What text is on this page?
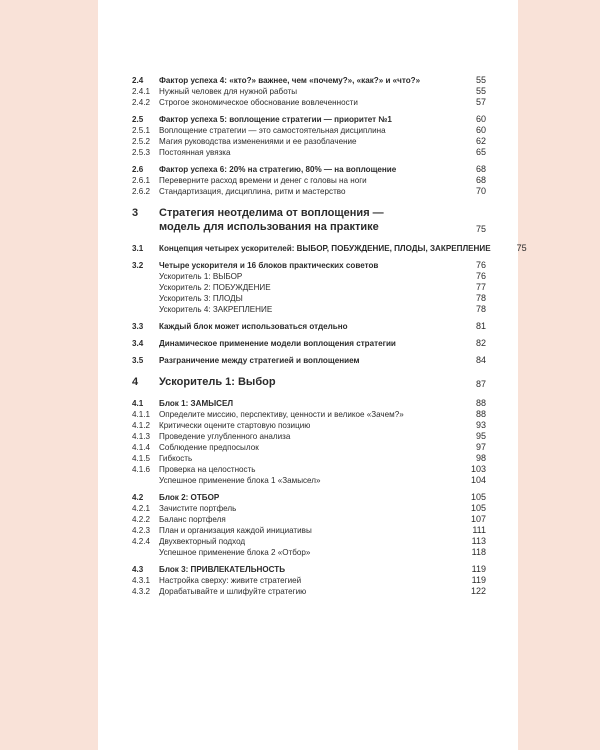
2.4	Фактор успеха 4: «кто?» важнее, чем «почему?», «как?» и «что?»	55
2.4.1	Нужный человек для нужной работы	55
2.4.2	Строгое экономическое обоснование вовлеченности	57
2.5	Фактор успеха 5: воплощение стратегии — приоритет №1	60
2.5.1	Воплощение стратегии — это самостоятельная дисциплина	60
2.5.2	Магия руководства изменениями и ее разоблачение	62
2.5.3	Постоянная увязка	65
2.6	Фактор успеха 6: 20% на стратегию, 80% — на воплощение	68
2.6.1	Переверните расход времени и денег с головы на ноги	68
2.6.2	Стандартизация, дисциплина, ритм и мастерство	70
3	Стратегия неотделима от воплощения —
модель для использования на практике	75
3.1	Концепция четырех ускорителей: ВЫБОР, ПОБУЖДЕНИЕ, ПЛОДЫ, ЗАКРЕПЛЕНИЕ	75
3.2	Четыре ускорителя и 16 блоков практических советов	76
Ускоритель 1: ВЫБОР	76
Ускоритель 2: ПОБУЖДЕНИЕ	77
Ускоритель 3: ПЛОДЫ	78
Ускоритель 4: ЗАКРЕПЛЕНИЕ	78
3.3	Каждый блок может использоваться отдельно	81
3.4	Динамическое применение модели воплощения стратегии	82
3.5	Разграничение между стратегией и воплощением	84
4	Ускоритель 1: Выбор	87
4.1	Блок 1: ЗАМЫСЕЛ	88
4.1.1	Определите миссию, перспективу, ценности и великое «Зачем?»	88
4.1.2	Критически оцените стартовую позицию	93
4.1.3	Проведение углубленного анализа	95
4.1.4	Соблюдение предпосылок	97
4.1.5	Гибкость	98
4.1.6	Проверка на целостность	103
Успешное применение блока 1 «Замысел»	104
4.2	Блок 2: ОТБОР	105
4.2.1	Зачистите портфель	105
4.2.2	Баланс портфеля	107
4.2.3	План и организация каждой инициативы	111
4.2.4	Двухвекторный подход	113
Успешное применение блока 2 «Отбор»	118
4.3	Блок 3: ПРИВЛЕКАТЕЛЬНОСТЬ	119
4.3.1	Настройка сверху: живите стратегией	119
4.3.2	Дорабатывайте и шлифуйте стратегию	122
